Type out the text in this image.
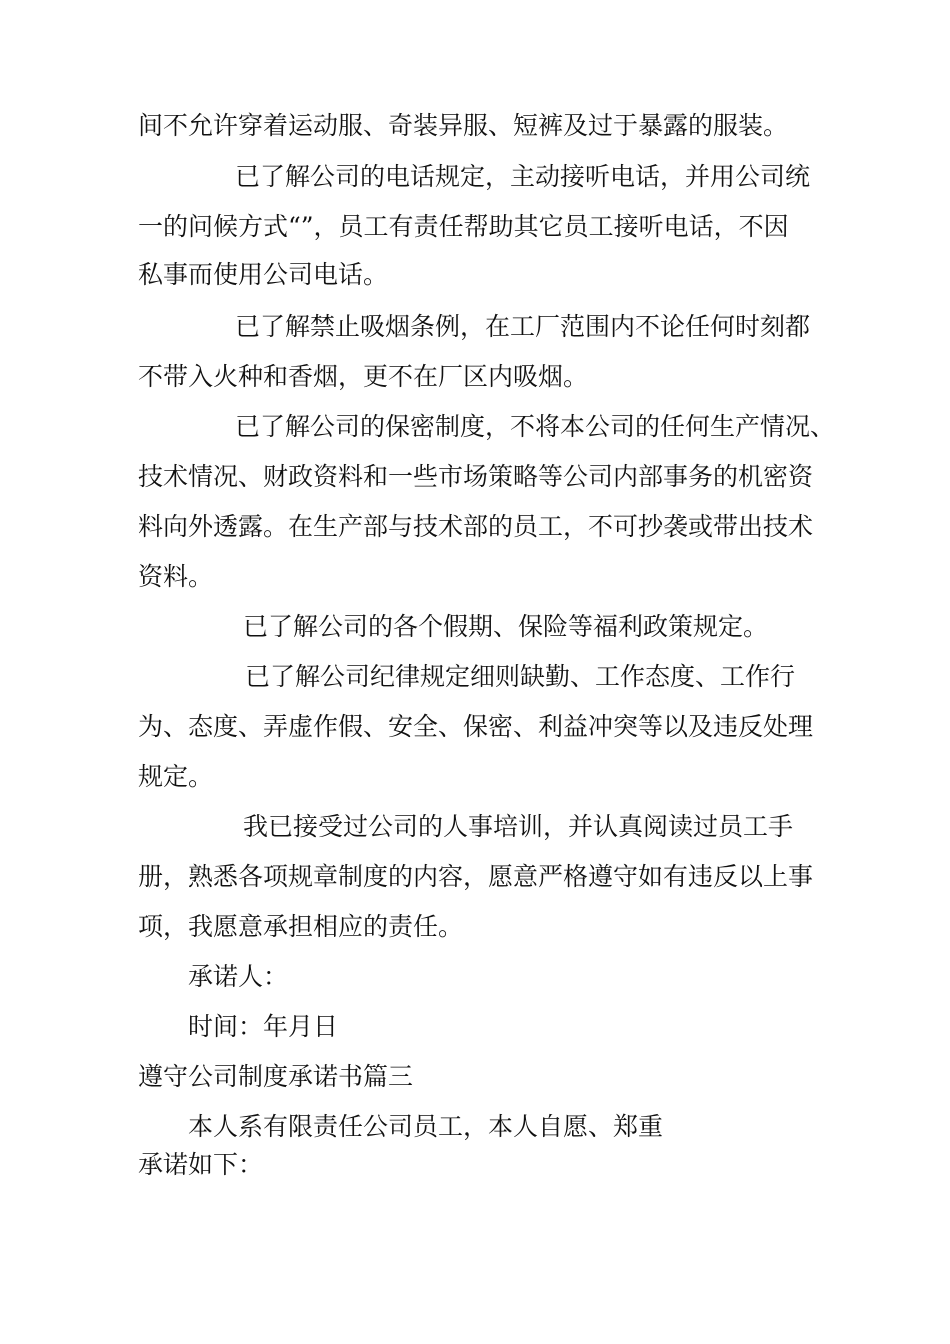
间不允许穿着运动服、奇装异服、短裤及过于暴露的服装。

已了解公司的电话规定，主动接听电话，并用公司统

一的问候方式“”，员工有责任帮助其它员工接听电话，不因

私事而使用公司电话。

已了解禁止吸烟条例，在工厂范围内不论任何时刻都

不带入火种和香烟，更不在厂区内吸烟。

已了解公司的保密制度，不将本公司的任何生产情况、

技术情况、财政资料和一些市场策略等公司内部事务的机密资

料向外透露。在生产部与技术部的员工，不可抄袭或带出技术

资料。

已了解公司的各个假期、保险等福利政策规定。

已了解公司纪律规定细则缺勤、工作态度、工作行

为、态度、弄虚作假、安全、保密、利益冲突等以及违反处理

规定。

我已接受过公司的人事培训，并认真阅读过员工手

册，熟悉各项规章制度的内容，愿意严格遵守如有违反以上事

项，我愿意承担相应的责任。

承诺人：

时间：年月日

遵守公司制度承诺书篇三

本人系有限责任公司员工，本人自愿、郑重

承诺如下：
